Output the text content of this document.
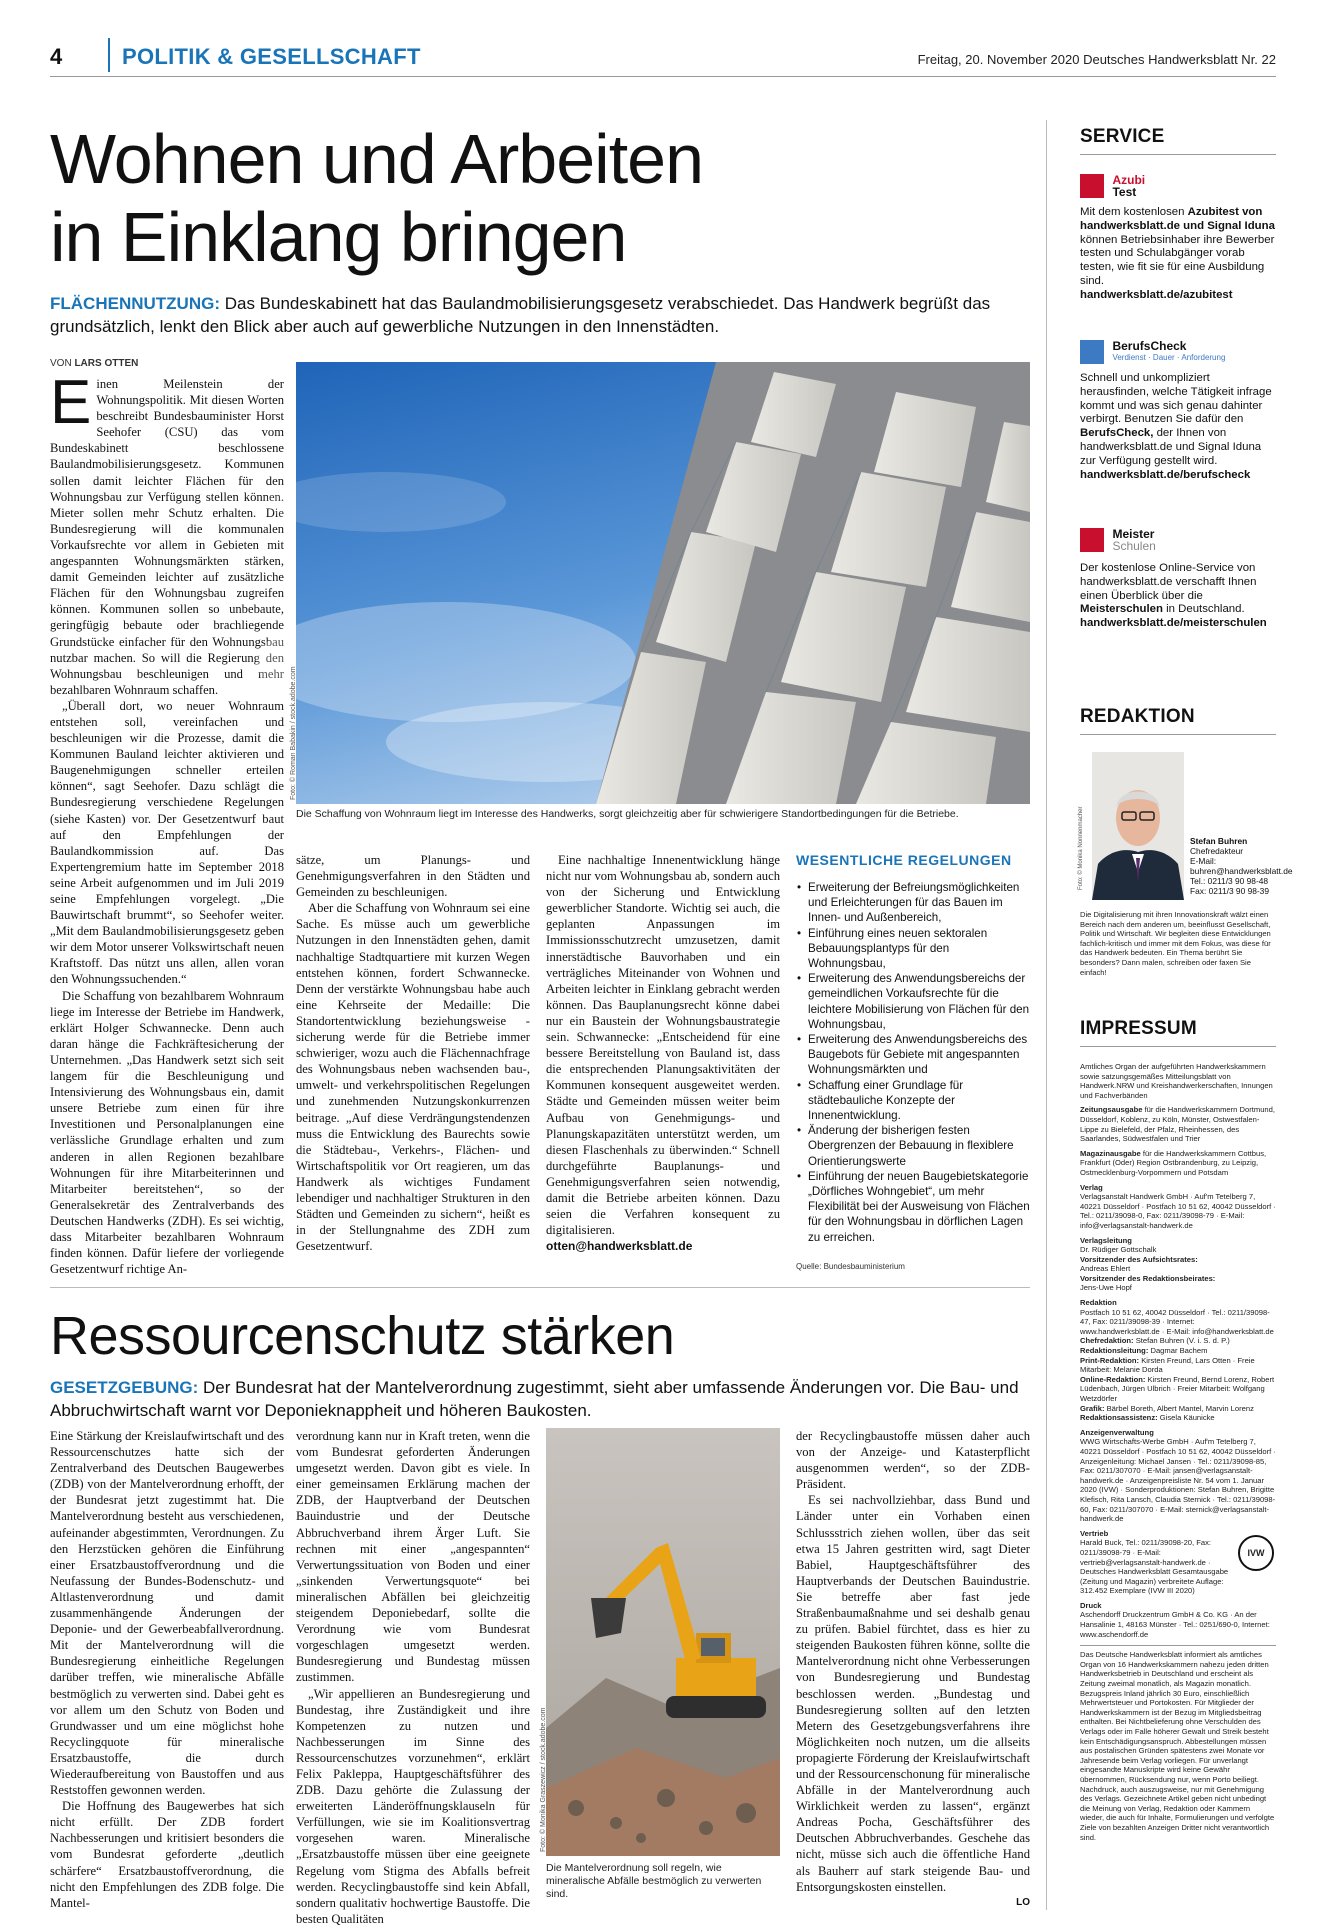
4	POLITIK & GESELLSCHAFT	Freitag, 20. November 2020 Deutsches Handwerksblatt Nr. 22
Wohnen und Arbeiten
in Einklang bringen
FLÄCHENNUTZUNG: Das Bundeskabinett hat das Baulandmobilisierungsgesetz verabschiedet. Das Handwerk begrüßt das grundsätzlich, lenkt den Blick aber auch auf gewerbliche Nutzungen in den Innenstädten.
VON LARS OTTEN

Einen Meilenstein der Wohnungspolitik. Mit diesen Worten beschreibt Bundesbauminister Horst Seehofer (CSU) das vom Bundeskabinett beschlossene Baulandmobilisierungsgesetz. Kommunen sollen damit leichter Flächen für den Wohnungsbau zur Verfügung stellen können. Mieter sollen mehr Schutz erhalten. Die Bundesregierung will die kommunalen Vorkaufsrechte vor allem in Gebieten mit angespannten Wohnungsmärkten stärken, damit Gemeinden leichter auf zusätzliche Flächen für den Wohnungsbau zugreifen können. Kommunen sollen so unbebaute, geringfügig bebaute oder brachliegende Grundstücke einfacher für den Wohnungsbau nutzbar machen. So will die Regierung den Wohnungsbau beschleunigen und mehr bezahlbaren Wohnraum schaffen.

„Überall dort, wo neuer Wohnraum entstehen soll, vereinfachen und beschleunigen wir die Prozesse, damit die Kommunen Bauland leichter aktivieren und Baugenehmigungen schneller erteilen können“, sagt Seehofer. Dazu schlägt die Bundesregierung verschiedene Regelungen (siehe Kasten) vor. Der Gesetzentwurf baut auf den Empfehlungen der Baulandkommission auf. Das Expertengremium hatte im September 2018 seine Arbeit aufgenommen und im Juli 2019 seine Empfehlungen vorgelegt. „Die Bauwirtschaft brummt“, so Seehofer weiter. „Mit dem Baulandmobilisierungsgesetz geben wir dem Motor unserer Volkswirtschaft neuen Kraftstoff. Das nützt uns allen, allen voran den Wohnungssuchenden.“

Die Schaffung von bezahlbarem Wohnraum liege im Interesse der Betriebe im Handwerk, erklärt Holger Schwannecke. Denn auch daran hänge die Fachkräftesicherung der Unternehmen. „Das Handwerk setzt sich seit langem für die Beschleunigung und Intensivierung des Wohnungsbaus ein, damit unsere Betriebe zum einen für ihre Investitionen und Personalplanungen eine verlässliche Grundlage erhalten und zum anderen in allen Regionen bezahlbare Wohnungen für ihre Mitarbeiterinnen und Mitarbeiter bereitstehen“, so der Generalsekretär des Zentralverbands des Deutschen Handwerks (ZDH). Es sei wichtig, dass Mitarbeiter bezahlbaren Wohnraum finden können. Dafür liefere der vorliegende Gesetzentwurf richtige An-

Foto: © Roman Babakin / stock.adobe.com
Die Schaffung von Wohnraum liegt im Interesse des Handwerks, sorgt gleichzeitig aber für schwierigere Standortbedingungen für die Betriebe.

sätze, um Planungs- und Genehmigungsverfahren in den Städten und Gemeinden zu beschleunigen.

Aber die Schaffung von Wohnraum sei eine Sache. Es müsse auch um gewerbliche Nutzungen in den Innenstädten gehen, damit nachhaltige Stadtquartiere mit kurzen Wegen entstehen können, fordert Schwannecke. Denn der verstärkte Wohnungsbau habe auch eine Kehrseite der Medaille: Die Standortentwicklung beziehungsweise -sicherung werde für die Betriebe immer schwieriger, wozu auch die Flächennachfrage des Wohnungsbaus neben wachsenden bau-, umwelt- und verkehrspolitischen Regelungen und zunehmenden Nutzungskonkurrenzen beitrage. „Auf diese Verdrängungstendenzen muss die Entwicklung des Baurechts sowie die Städtebau-, Verkehrs-, Flächen- und Wirtschaftspolitik vor Ort reagieren, um das Handwerk als wichtiges Fundament lebendiger und nachhaltiger Strukturen in den Städten und Gemeinden zu sichern“, heißt es in der Stellungnahme des ZDH zum Gesetzentwurf.

Eine nachhaltige Innenentwicklung hänge nicht nur vom Wohnungsbau ab, sondern auch von der Sicherung und Entwicklung gewerblicher Standorte. Wichtig sei auch, die geplanten Anpassungen im Immissionsschutzrecht umzusetzen, damit innerstädtische Bauvorhaben und ein verträgliches Miteinander von Wohnen und Arbeiten leichter in Einklang gebracht werden können. Das Bauplanungsrecht könne dabei nur ein Baustein der Wohnungsbaustrategie sein. Schwannecke: „Entscheidend für eine bessere Bereitstellung von Bauland ist, dass die entsprechenden Planungsaktivitäten der Kommunen konsequent ausgeweitet werden. Städte und Gemeinden müssen weiter beim Aufbau von Genehmigungs- und Planungskapazitäten unterstützt werden, um diesen Flaschenhals zu überwinden.“ Schnell durchgeführte Bauplanungs- und Genehmigungsverfahren seien notwendig, damit die Betriebe arbeiten können. Dazu seien die Verfahren konsequent zu digitalisieren.

otten@handwerksblatt.de

WESENTLICHE REGELUNGEN
• Erweiterung der Befreiungsmöglichkeiten und Erleichterungen für das Bauen im Innen- und Außenbereich,
• Einführung eines neuen sektoralen Bebauungsplantyps für den Wohnungsbau,
• Erweiterung des Anwendungsbereichs der gemeindlichen Vorkaufsrechte für die leichtere Mobilisierung von Flächen für den Wohnungsbau,
• Erweiterung des Anwendungsbereichs des Baugebots für Gebiete mit angespannten Wohnungsmärkten und
• Schaffung einer Grundlage für städtebauliche Konzepte der Innenentwicklung.
• Änderung der bisherigen festen Obergrenzen der Bebauung in flexiblere Orientierungswerte
• Einführung der neuen Baugebietskategorie „Dörfliches Wohngebiet“, um mehr Flexibilität bei der Ausweisung von Flächen für den Wohnungsbau in dörflichen Lagen zu erreichen.
Quelle: Bundesbauministerium
Ressourcenschutz stärken
GESETZGEBUNG: Der Bundesrat hat der Mantelverordnung zugestimmt, sieht aber umfassende Änderungen vor. Die Bau- und Abbruchwirtschaft warnt vor Deponieknappheit und höheren Baukosten.

Eine Stärkung der Kreislaufwirtschaft und des Ressourcenschutzes hatte sich der Zentralverband des Deutschen Baugewerbes (ZDB) von der Mantelverordnung erhofft, der der Bundesrat jetzt zugestimmt hat. Die Mantelverordnung besteht aus verschiedenen, aufeinander abgestimmten, Verordnungen. Zu den Herzstücken gehören die Einführung einer Ersatzbaustoffverordnung und die Neufassung der Bundes-Bodenschutz- und Altlastenverordnung und damit zusammenhängende Änderungen der Deponie- und der Gewerbeabfallverordnung. Mit der Mantelverordnung will die Bundesregierung einheitliche Regelungen darüber treffen, wie mineralische Abfälle bestmöglich zu verwerten sind. Dabei geht es vor allem um den Schutz von Boden und Grundwasser und um eine möglichst hohe Recyclingquote für mineralische Ersatzbaustoffe, die durch Wiederaufbereitung von Baustoffen und aus Reststoffen gewonnen werden.

Die Hoffnung des Baugewerbes hat sich nicht erfüllt. Der ZDB fordert Nachbesserungen und kritisiert besonders die vom Bundesrat geforderte „deutlich schärfere“ Ersatzbaustoffverordnung, die nicht den Empfehlungen des ZDB folge. Die Mantel-

verordnung kann nur in Kraft treten, wenn die vom Bundesrat geforderten Änderungen umgesetzt werden. Davon gibt es viele. In einer gemeinsamen Erklärung machen der ZDB, der Hauptverband der Deutschen Bauindustrie und der Deutsche Abbruchverband ihrem Ärger Luft. Sie rechnen mit einer „angespannten“ Verwertungssituation von Boden und einer „sinkenden Verwertungsquote“ bei mineralischen Abfällen bei gleichzeitig steigendem Deponiebedarf, sollte die Verordnung wie vom Bundesrat vorgeschlagen umgesetzt werden. Bundesregierung und Bundestag müssen zustimmen.

„Wir appellieren an Bundesregierung und Bundestag, ihre Zuständigkeit und ihre Kompetenzen zu nutzen und Nachbesserungen im Sinne des Ressourcenschutzes vorzunehmen“, erklärt Felix Pakleppa, Hauptgeschäftsführer des ZDB. Dazu gehörte die Zulassung der erweiterten Länderöffnungsklauseln für Verfüllungen, wie sie im Koalitionsvertrag vorgesehen waren. Mineralische „Ersatzbaustoffe müssen über eine geeignete Regelung vom Stigma des Abfalls befreit werden. Recyclingbaustoffe sind kein Abfall, sondern qualitativ hochwertige Baustoffe. Die besten Qualitäten

Foto: © Monika Graszewicz / stock.adobe.com
Die Mantelverordnung soll regeln, wie mineralische Abfälle bestmöglich zu verwerten sind.

der Recyclingbaustoffe müssen daher auch von der Anzeige- und Katasterpflicht ausgenommen werden“, so der ZDB-Präsident.

Es sei nachvollziehbar, dass Bund und Länder unter ein Vorhaben einen Schlussstrich ziehen wollen, über das seit etwa 15 Jahren gestritten wird, sagt Dieter Babiel, Hauptgeschäftsführer des Hauptverbands der Deutschen Bauindustrie. Sie betreffe aber fast jede Straßenbaumaßnahme und sei deshalb genau zu prüfen. Babiel fürchtet, dass es hier zu steigenden Baukosten führen könne, sollte die Mantelverordnung nicht ohne Verbesserungen von Bundesregierung und Bundestag beschlossen werden. „Bundestag und Bundesregierung sollten auf den letzten Metern des Gesetzgebungsverfahrens ihre Möglichkeiten noch nutzen, um die allseits propagierte Förderung der Kreislaufwirtschaft und der Ressourcenschonung für mineralische Abfälle in der Mantelverordnung auch Wirklichkeit werden zu lassen“, ergänzt Andreas Pocha, Geschäftsführer des Deutschen Abbruchverbandes. Geschehe das nicht, müsse sich auch die öffentliche Hand als Bauherr auf stark steigende Bau- und Entsorgungskosten einstellen.

LO

SERVICE

Azubi
Test
Mit dem kostenlosen Azubitest von handwerksblatt.de und Signal Iduna können Betriebsinhaber ihre Bewerber testen und Schulabgänger vorab testen, wie fit sie für eine Ausbildung sind.
handwerksblatt.de/azubitest

BerufsCheck
Verdienst · Dauer · Anforderung
Schnell und unkompliziert herausfinden, welche Tätigkeit infrage kommt und was sich genau dahinter verbirgt. Benutzen Sie dafür den BerufsCheck, der Ihnen von handwerksblatt.de und Signal Iduna zur Verfügung gestellt wird.
handwerksblatt.de/berufscheck

Meister
Schulen
Der kostenlose Online-Service von handwerksblatt.de verschafft Ihnen einen Überblick über die Meisterschulen in Deutschland.
handwerksblatt.de/meisterschulen
REDAKTION
Foto: © Monika Nonnenmacher	Stefan Buhren
Chefredakteur
E-Mail: buhren@handwerksblatt.de
Tel.: 0211/3 90 98-48
Fax: 0211/3 90 98-39
Die Digitalisierung mit ihren Innovationskraft wälzt einen Bereich nach dem anderen um, beeinflusst Gesellschaft, Politik und Wirtschaft. Wir begleiten diese Entwicklungen fachlich-kritisch und immer mit dem Fokus, was diese für das Handwerk bedeuten. Ein Thema berührt Sie besonders? Dann malen, schreiben oder faxen Sie einfach!
IMPRESSUM
Amtliches Organ der aufgeführten Handwerkskammern sowie satzungsgemäßes Mitteilungsblatt von Handwerk.NRW und Kreishandwerkerschaften, Innungen und Fachverbänden
Zeitungsausgabe für die Handwerkskammern Dortmund, Düsseldorf, Koblenz, zu Köln, Münster, Ostwestfalen-Lippe zu Bielefeld, der Pfalz, Rheinhessen, des Saarlandes, Südwestfalen und Trier
Magazinausgabe für die Handwerkskammern Cottbus, Frankfurt (Oder) Region Ostbrandenburg, zu Leipzig, Ostmecklenburg-Vorpommern und Potsdam
Verlag
Verlagsanstalt Handwerk GmbH · Auf'm Tetelberg 7, 40221 Düsseldorf · Postfach 10 51 62, 40042 Düsseldorf · Tel.: 0211/39098-0, Fax: 0211/39098-79 · E-Mail: info@verlagsanstalt-handwerk.de
Verlagsleitung
Dr. Rüdiger Gottschalk
Vorsitzender des Aufsichtsrates:
Andreas Ehlert
Vorsitzender des Redaktionsbeirates:
Jens-Uwe Hopf
Redaktion
Postfach 10 51 62, 40042 Düsseldorf · Tel.: 0211/39098-47, Fax: 0211/39098-39 · Internet: www.handwerksblatt.de · E-Mail: info@handwerksblatt.de
Chefredaktion: Stefan Buhren (V. i. S. d. P.)
Redaktionsleitung: Dagmar Bachem
Print-Redaktion: Kirsten Freund, Lars Otten · Freie Mitarbeit: Melanie Dorda
Online-Redaktion: Kirsten Freund, Bernd Lorenz, Robert Lüdenbach, Jürgen Ulbrich · Freier Mitarbeit: Wolfgang Wetzdörfer
Grafik: Bärbel Boreth, Albert Mantel, Marvin Lorenz
Redaktionsassistenz: Gisela Käunicke
Anzeigenverwaltung
WWG Wirtschafts-Werbe GmbH · Auf'm Tetelberg 7, 40221 Düsseldorf · Postfach 10 51 62, 40042 Düsseldorf · Anzeigenleitung: Michael Jansen · Tel.: 0211/39098-85, Fax: 0211/307070 · E-Mail: jansen@verlagsanstalt-handwerk.de · Anzeigenpreisliste Nr. 54 vom 1. Januar 2020 (IVW) · Sonderproduktionen: Stefan Buhren, Brigitte Klefisch, Rita Lansch, Claudia Sternick · Tel.: 0211/39098-60, Fax: 0211/307070 · E-Mail: sternick@verlagsanstalt-handwerk.de
Vertrieb
Harald Buck, Tel.: 0211/39098-20, Fax: 0211/39098-79 · E-Mail: vertrieb@verlagsanstalt-handwerk.de · Deutsches Handwerksblatt Gesamtausgabe (Zeitung und Magazin) verbreitete Auflage: 312.452 Exemplare (IVW III 2020)
IVW
Druck
Aschendorff Druckzentrum GmbH & Co. KG · An der Hansalinie 1, 48163 Münster · Tel.: 0251/690-0, Internet: www.aschendorff.de
Das Deutsche Handwerksblatt informiert als amtliches Organ von 16 Handwerkskammern nahezu jeden dritten Handwerksbetrieb in Deutschland und erscheint als Zeitung zweimal monatlich, als Magazin monatlich. Bezugspreis Inland jährlich 30 Euro, einschließlich Mehrwertsteuer und Portokosten. Für Mitglieder der Handwerkskammern ist der Bezug im Mitgliedsbeitrag enthalten. Bei Nichtbelieferung ohne Verschulden des Verlags oder im Falle höherer Gewalt und Streik besteht kein Entschädigungsanspruch. Abbestellungen müssen aus postalischen Gründen spätestens zwei Monate vor Jahresende beim Verlag vorliegen. Für unverlangt eingesandte Manuskripte wird keine Gewähr übernommen, Rücksendung nur, wenn Porto beiliegt. Nachdruck, auch auszugsweise, nur mit Genehmigung des Verlags. Gezeichnete Artikel geben nicht unbedingt die Meinung von Verlag, Redaktion oder Kammern wieder, die auch für Inhalte, Formulierungen und verfolgte Ziele von bezahlten Anzeigen Dritter nicht verantwortlich sind.
